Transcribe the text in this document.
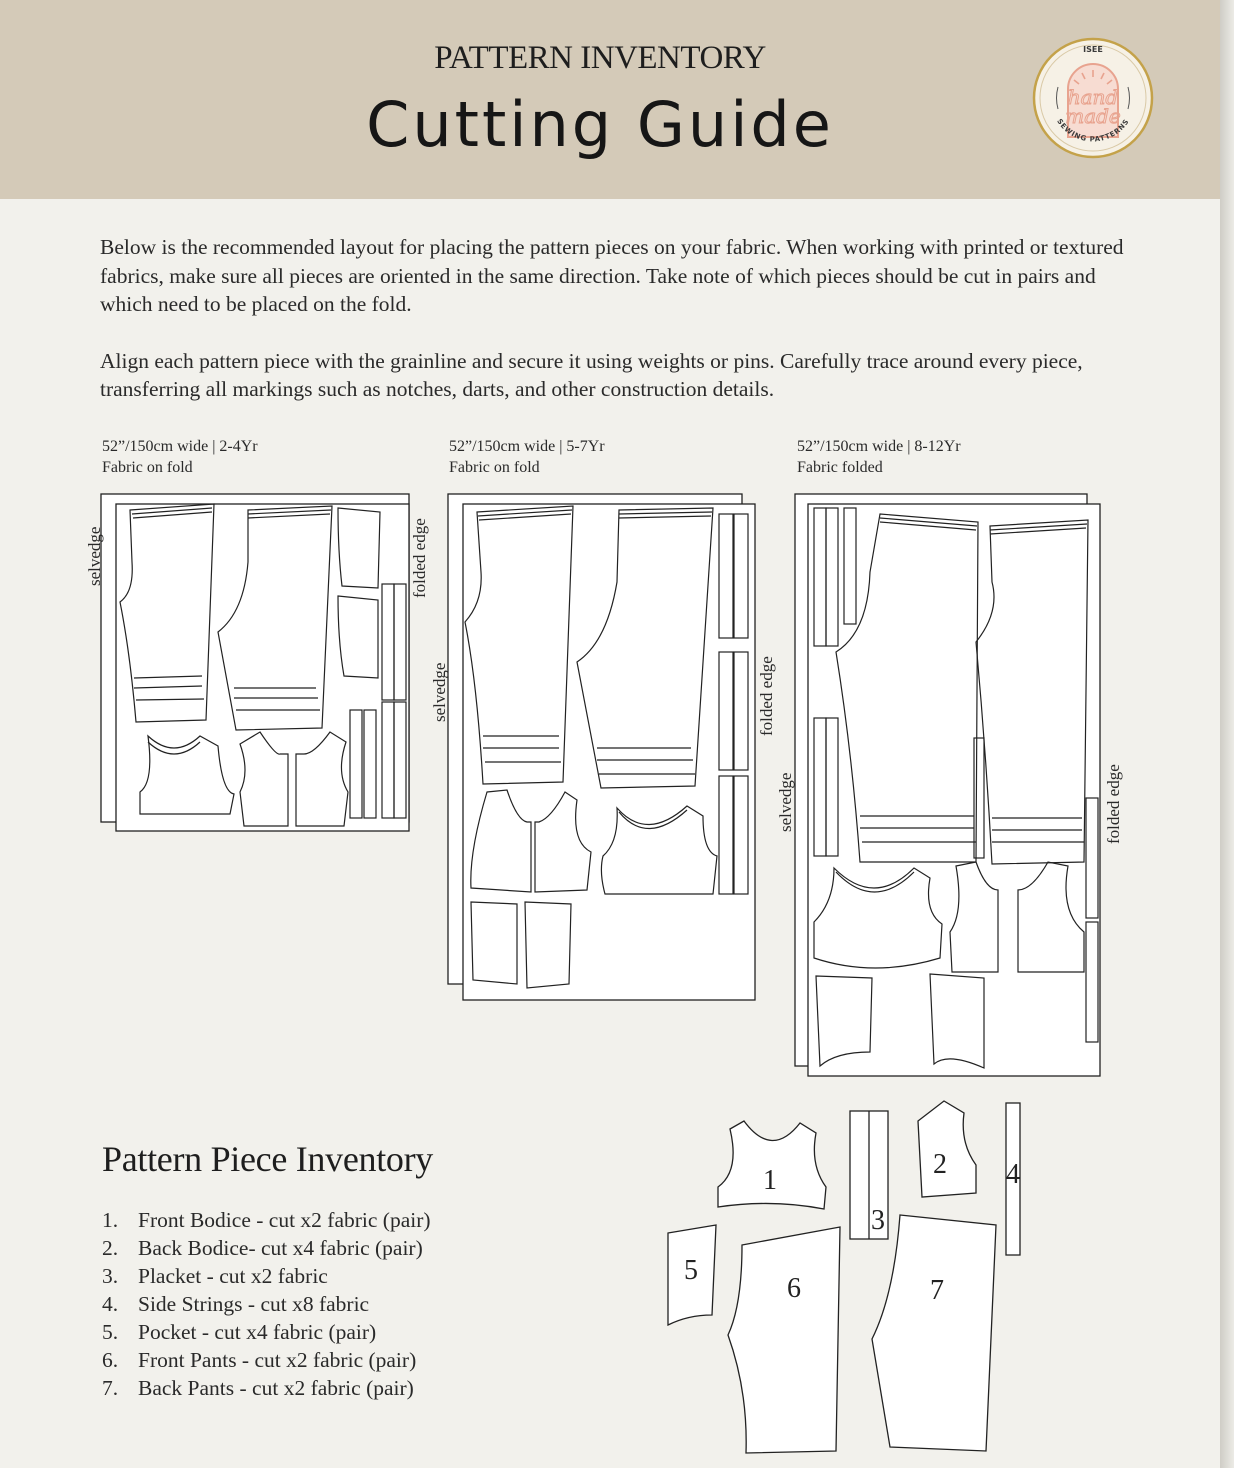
PATTERN INVENTORY
Cutting Guide	hand
made
ISEE
SEWING PATTERNS

Below is the recommended layout for placing the pattern pieces on your fabric. When working with printed or textured fabrics, make sure all pieces are oriented in the same direction. Take note of which pieces should be cut in pairs and which need to be placed on the fold.

Align each pattern piece with the grainline and secure it using weights or pins. Carefully trace around every piece, transferring all markings such as notches, darts, and other construction details.

52”/150cm wide | 2-4Yr
Fabric on fold
selvedge	folded edge
52”/150cm wide | 5-7Yr
Fabric on fold
selvedge	folded edge
52”/150cm wide | 8-12Yr
Fabric folded
selvedge	folded edge
Pattern Piece Inventory
1. Front Bodice - cut x2 fabric (pair)
2. Back Bodice- cut x4 fabric (pair)
3. Placket - cut x2 fabric
4. Side Strings - cut x8 fabric
5. Pocket - cut x4 fabric (pair)
6. Front Pants - cut x2 fabric (pair)
7. Back Pants - cut x2 fabric (pair)
1
2
3
4
5
6	7
